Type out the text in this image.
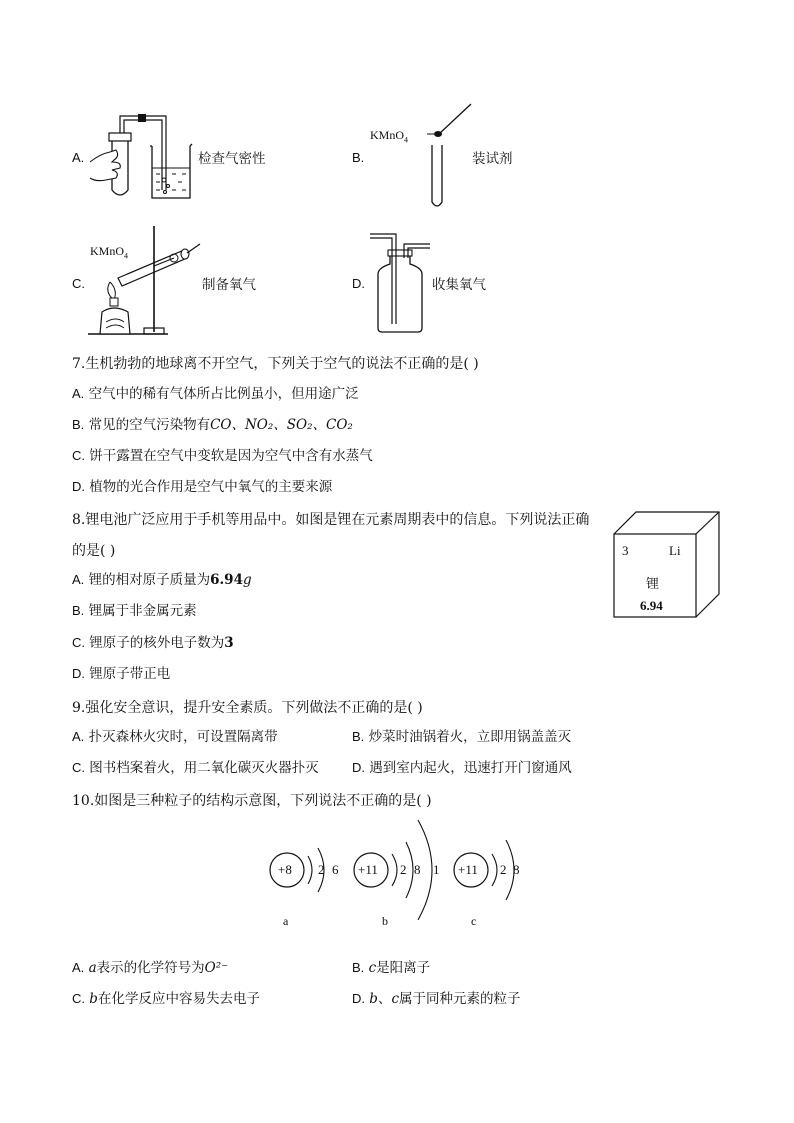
A.	检查气密性	B.
KMnO$_4$
装试剂
C.
KMnO$_4$
制备氧气	D.	收集氧气
7.生机勃勃的地球离不开空气，下列关于空气的说法不正确的是( )
A. 空气中的稀有气体所占比例虽小，但用途广泛
B. 常见的空气污染物有CO、NO₂、SO₂、CO₂
C. 饼干露置在空气中变软是因为空气中含有水蒸气
D. 植物的光合作用是空气中氧气的主要来源
8.锂电池广泛应用于手机等用品中。如图是锂在元素周期表中的信息。下列说法正确
的是( )
A. 锂的相对原子质量为6.94g
B. 锂属于非金属元素
C. 锂原子的核外电子数为3
D. 锂原子带正电
3	Li
锂
6.94
9.强化安全意识，提升安全素质。下列做法不正确的是( )
A. 扑灭森林火灾时，可设置隔离带	B. 炒菜时油锅着火，立即用锅盖盖灭
C. 图书档案着火，用二氧化碳灭火器扑灭	D. 遇到室内起火，迅速打开门窗通风
10.如图是三种粒子的结构示意图，下列说法不正确的是( )
+8 2 6
a
+11 2 8 1
b
+11 2 8
c
A. a表示的化学符号为O²⁻	B. c是阳离子
C. b在化学反应中容易失去电子	D. b、c属于同种元素的粒子
